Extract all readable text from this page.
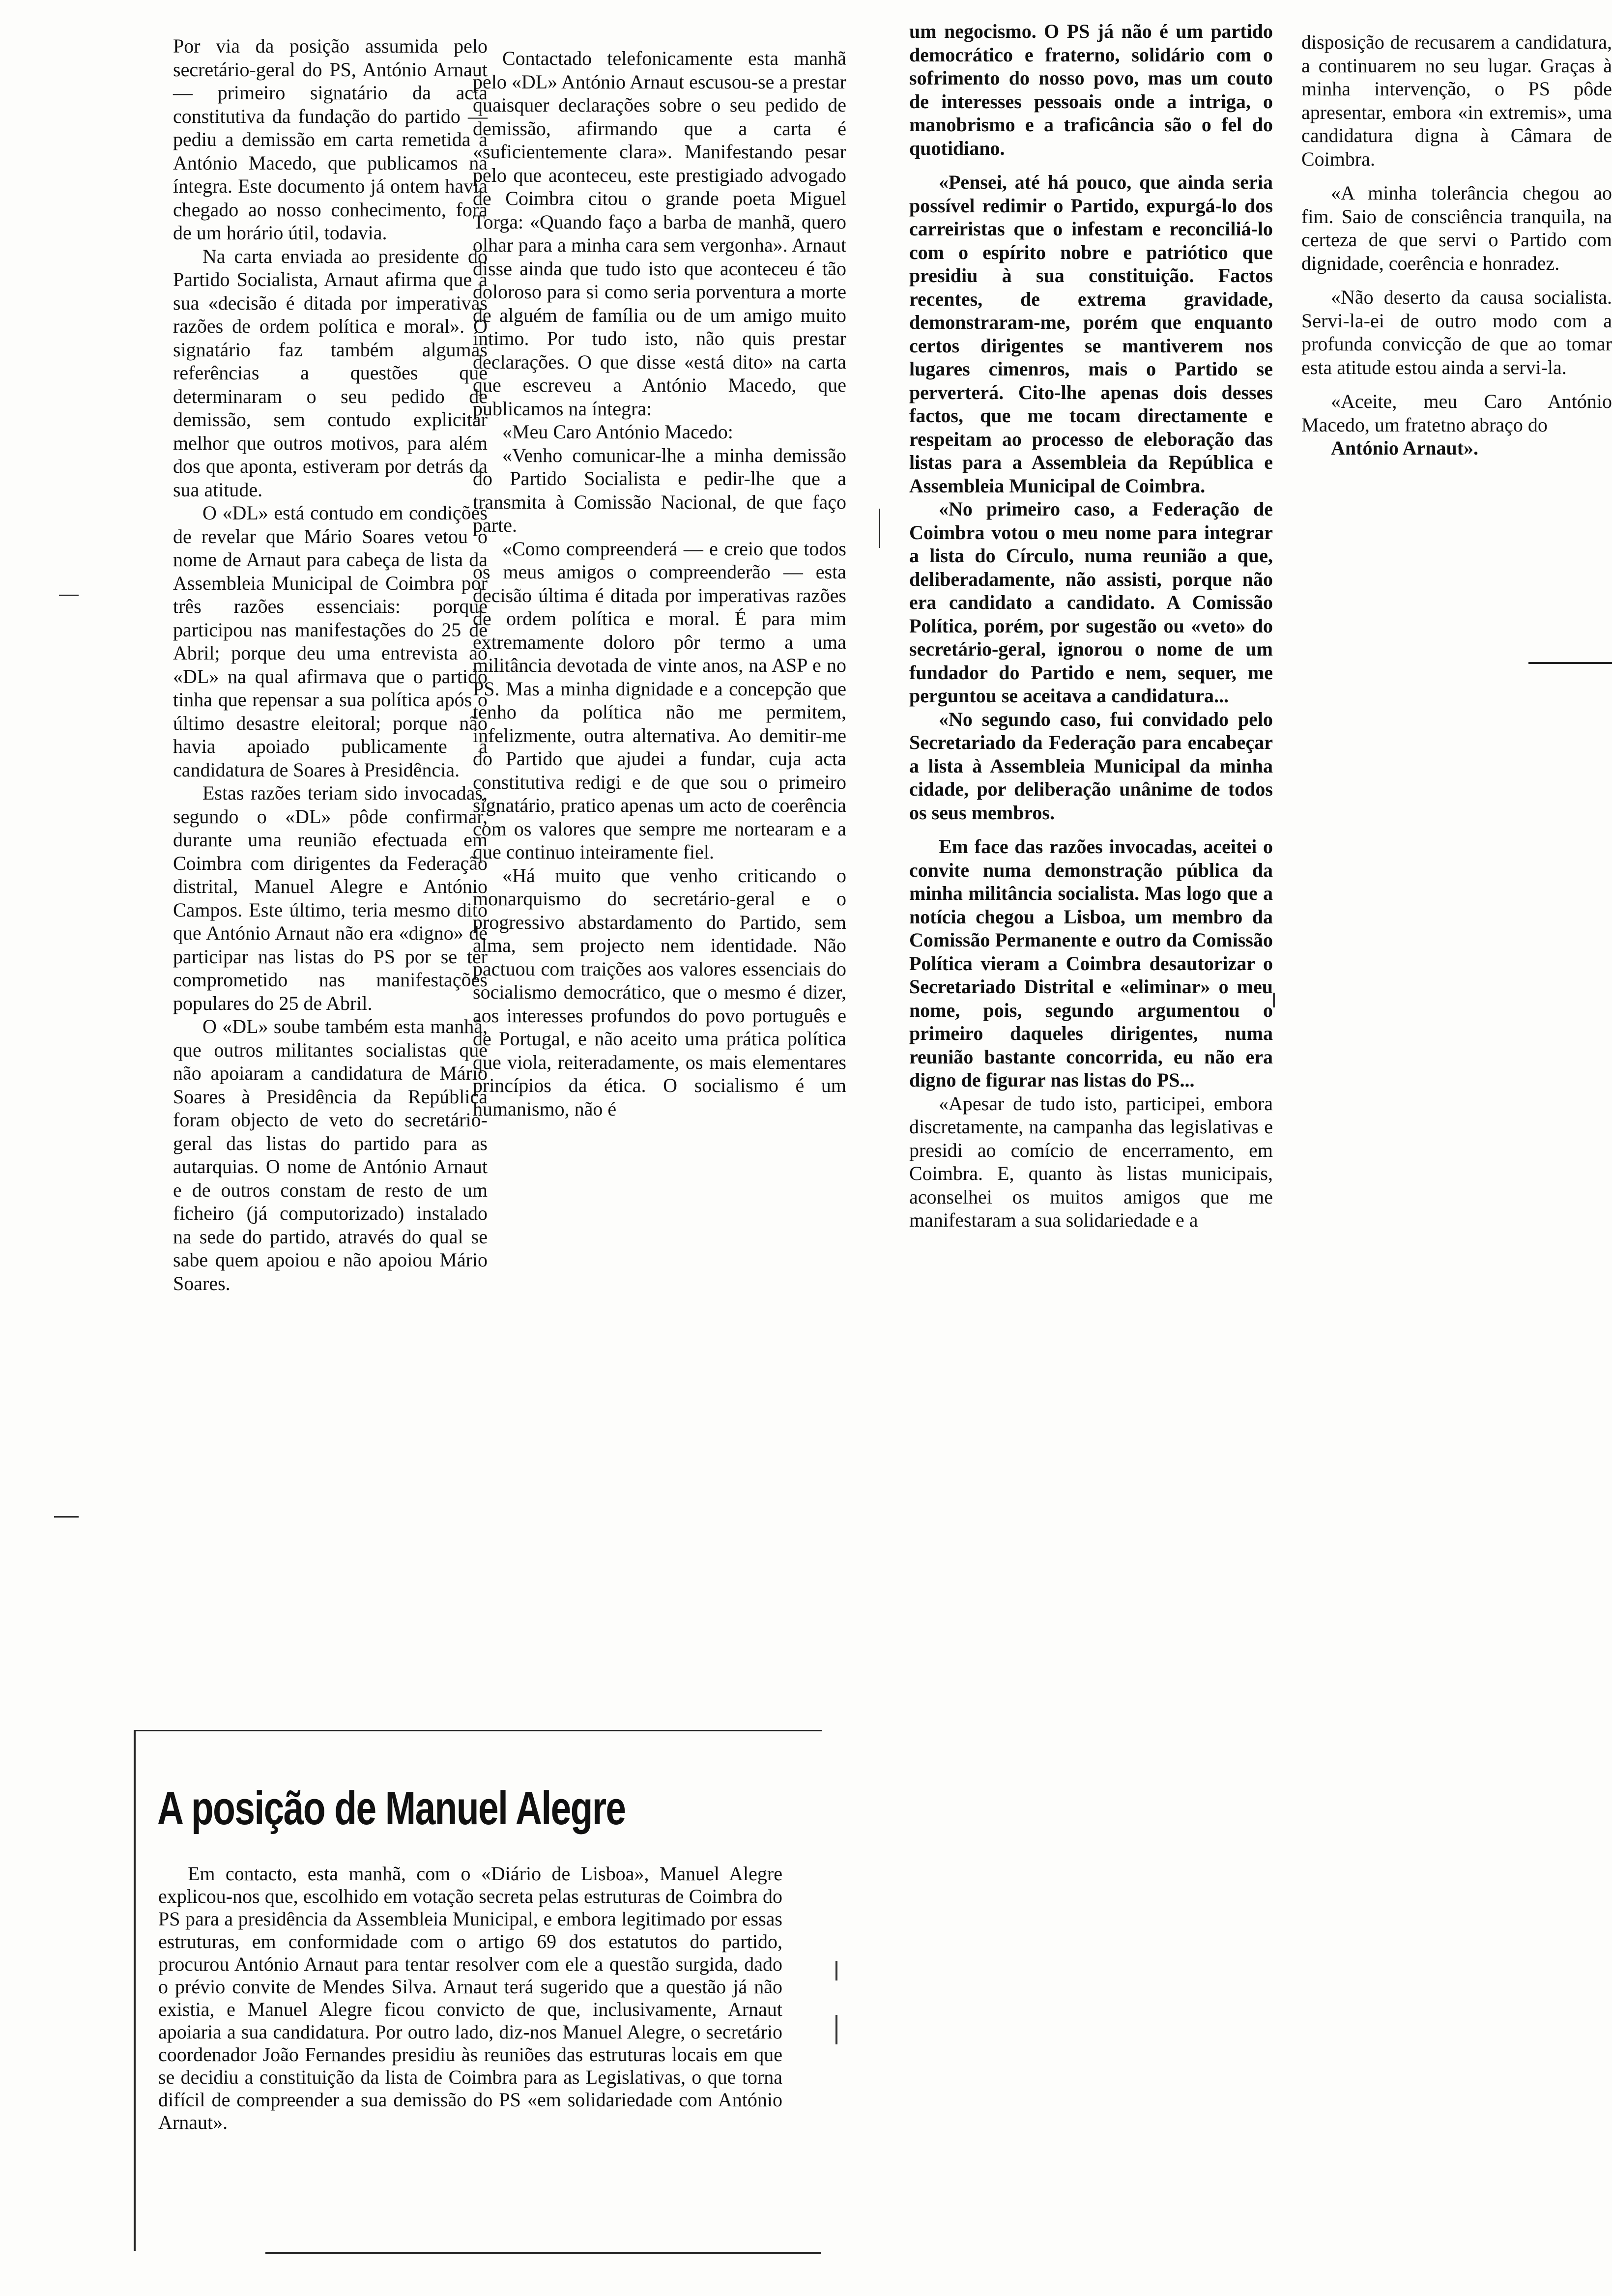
Por via da posição assumida pelo secretário-geral do PS, António Arnaut — primeiro signatário da acta constitutiva da fundação do partido — pediu a demissão em carta remetida a António Macedo, que publicamos na íntegra. Este documento já ontem havia chegado ao nosso conhecimento, fora de um horário útil, todavia.

Na carta enviada ao presidente do Partido Socialista, Arnaut afirma que a sua «decisão é ditada por imperativas razões de ordem política e moral». O signatário faz também algumas referências a questões que determinaram o seu pedido de demissão, sem contudo explicitar melhor que outros motivos, para além dos que aponta, estiveram por detrás da sua atitude.

O «DL» está contudo em condições de revelar que Mário Soares vetou o nome de Arnaut para cabeça de lista da Assembleia Municipal de Coimbra por três razões essenciais: porque participou nas manifestações do 25 de Abril; porque deu uma entrevista ao «DL» na qual afirmava que o partido tinha que repensar a sua política após o último desastre eleitoral; porque não havia apoiado publicamente a candidatura de Soares à Presidência.

Estas razões teriam sido invocadas, segundo o «DL» pôde confirmar, durante uma reunião efectuada em Coimbra com dirigentes da Federação distrital, Manuel Alegre e António Campos. Este último, teria mesmo dito que António Arnaut não era «digno» de participar nas listas do PS por se ter comprometido nas manifestações populares do 25 de Abril.

O «DL» soube também esta manhã, que outros militantes socialistas que não apoiaram a candidatura de Mário Soares à Presidência da República foram objecto de veto do secretário-geral das listas do partido para as autarquias. O nome de António Arnaut e de outros constam de resto de um ficheiro (já computorizado) instalado na sede do partido, através do qual se sabe quem apoiou e não apoiou Mário Soares.

Contactado telefonicamente esta manhã pelo «DL» António Arnaut escusou-se a prestar quaisquer declarações sobre o seu pedido de demissão, afirmando que a carta é «suficientemente clara». Manifestando pesar pelo que aconteceu, este prestigiado advogado de Coimbra citou o grande poeta Miguel Torga: «Quando faço a barba de manhã, quero olhar para a minha cara sem vergonha». Arnaut disse ainda que tudo isto que aconteceu é tão doloroso para si como seria porventura a morte de alguém de família ou de um amigo muito íntimo. Por tudo isto, não quis prestar declarações. O que disse «está dito» na carta que escreveu a António Macedo, que publicamos na íntegra:

«Meu Caro António Macedo:

«Venho comunicar-lhe a minha demissão do Partido Socialista e pedir-lhe que a transmita à Comissão Nacional, de que faço parte.

«Como compreenderá — e creio que todos os meus amigos o compreenderão — esta decisão última é ditada por imperativas razões de ordem política e moral. É para mim extremamente doloro pôr termo a uma militância devotada de vinte anos, na ASP e no PS. Mas a minha dignidade e a concepção que tenho da política não me permitem, infelizmente, outra alternativa. Ao demitir-me do Partido que ajudei a fundar, cuja acta constitutiva redigi e de que sou o primeiro signatário, pratico apenas um acto de coerência com os valores que sempre me nortearam e a que continuo inteiramente fiel.

«Há muito que venho criticando o monarquismo do secretário-geral e o progressivo abstardamento do Partido, sem alma, sem projecto nem identidade. Não pactuou com traições aos valores essenciais do socialismo democrático, que o mesmo é dizer, aos interesses profundos do povo português e de Portugal, e não aceito uma prática política que viola, reiteradamente, os mais elementares princípios da ética. O socialismo é um humanismo, não é

um negocismo. O PS já não é um partido democrático e fraterno, solidário com o sofrimento do nosso povo, mas um couto de interesses pessoais onde a intriga, o manobrismo e a traficância são o fel do quotidiano.

«Pensei, até há pouco, que ainda seria possível redimir o Partido, expurgá-lo dos carreiristas que o infestam e reconciliá-lo com o espírito nobre e patriótico que presidiu à sua constituição. Factos recentes, de extrema gravidade, demonstraram-me, porém que enquanto certos dirigentes se mantiverem nos lugares cimenros, mais o Partido se perverterá. Cito-lhe apenas dois desses factos, que me tocam directamente e respeitam ao processo de eleboração das listas para a Assembleia da República e Assembleia Municipal de Coimbra.

«No primeiro caso, a Federação de Coimbra votou o meu nome para integrar a lista do Círculo, numa reunião a que, deliberadamente, não assisti, porque não era candidato a candidato. A Comissão Política, porém, por sugestão ou «veto» do secretário-geral, ignorou o nome de um fundador do Partido e nem, sequer, me perguntou se aceitava a candidatura...

«No segundo caso, fui convidado pelo Secretariado da Federação para encabeçar a lista à Assembleia Municipal da minha cidade, por deliberação unânime de todos os seus membros.

Em face das razões invocadas, aceitei o convite numa demonstração pública da minha militância socialista. Mas logo que a notícia chegou a Lisboa, um membro da Comissão Permanente e outro da Comissão Política vieram a Coimbra desautorizar o Secretariado Distrital e «eliminar» o meu nome, pois, segundo argumentou o primeiro daqueles dirigentes, numa reunião bastante concorrida, eu não era digno de figurar nas listas do PS...

«Apesar de tudo isto, participei, embora discretamente, na campanha das legislativas e presidi ao comício de encerramento, em Coimbra. E, quanto às listas municipais, aconselhei os muitos amigos que me manifestaram a sua solidariedade e a

disposição de recusarem a candidatura, a continuarem no seu lugar. Graças à minha intervenção, o PS pôde apresentar, embora «in extremis», uma candidatura digna à Câmara de Coimbra.

«A minha tolerância chegou ao fim. Saio de consciência tranquila, na certeza de que servi o Partido com dignidade, coerência e honradez.

«Não deserto da causa socialista. Servi-la-ei de outro modo com a profunda convicção de que ao tomar esta atitude estou ainda a servi-la.

«Aceite, meu Caro António Macedo, um fratetno abraço do

António Arnaut».

A posição de Manuel Alegre

Em contacto, esta manhã, com o «Diário de Lisboa», Manuel Alegre explicou-nos que, escolhido em votação secreta pelas estruturas de Coimbra do PS para a presidência da Assembleia Municipal, e embora legitimado por essas estruturas, em conformidade com o artigo 69 dos estatutos do partido, procurou António Arnaut para tentar resolver com ele a questão surgida, dado o prévio convite de Mendes Silva. Arnaut terá sugerido que a questão já não existia, e Manuel Alegre ficou convicto de que, inclusivamente, Arnaut apoiaria a sua candidatura. Por outro lado, diz-nos Manuel Alegre, o secretário coordenador João Fernandes presidiu às reuniões das estruturas locais em que se decidiu a constituição da lista de Coimbra para as Legislativas, o que torna difícil de compreender a sua demissão do PS «em solidariedade com António Arnaut».
